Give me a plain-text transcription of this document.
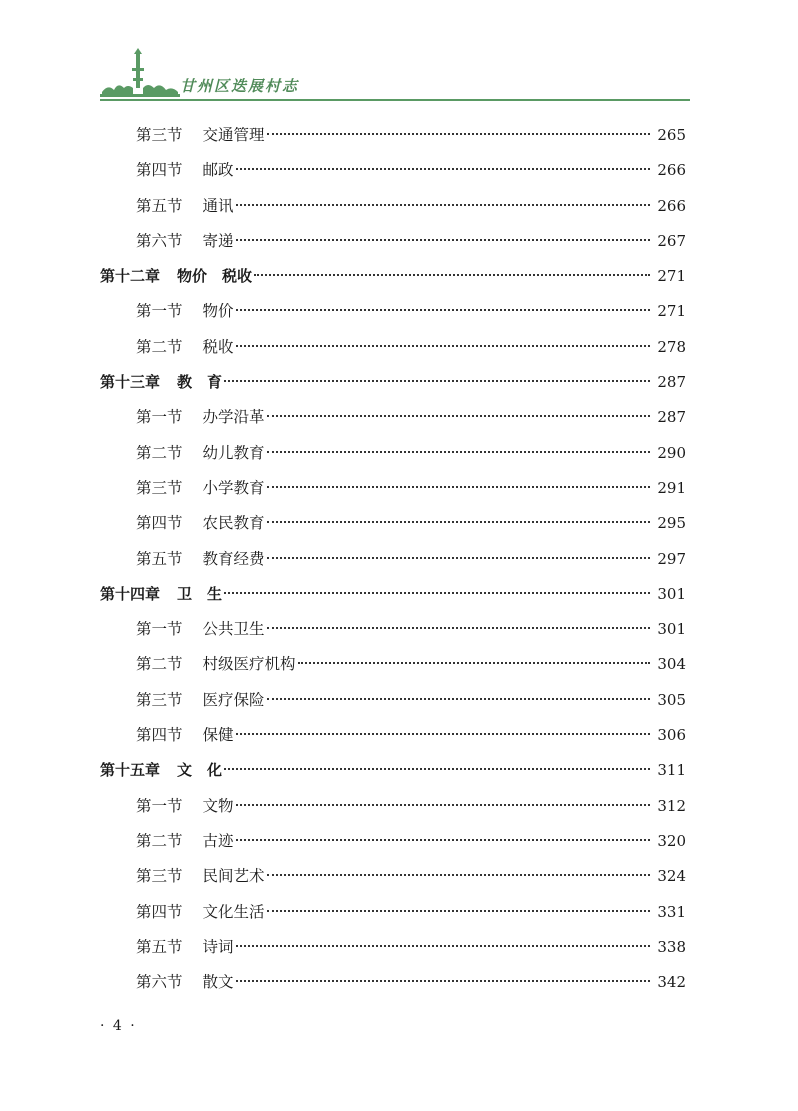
甘州区迭展村志
第三节 交通管理	265
第四节 邮政	266
第五节 通讯	266
第六节 寄递	267
第十二章 物价　税收	271
第一节 物价	271
第二节 税收	278
第十三章 教　育	287
第一节 办学沿革	287
第二节 幼儿教育	290
第三节 小学教育	291
第四节 农民教育	295
第五节 教育经费	297
第十四章 卫　生	301
第一节 公共卫生	301
第二节 村级医疗机构	304
第三节 医疗保险	305
第四节 保健	306
第十五章 文　化	311
第一节 文物	312
第二节 古迹	320
第三节 民间艺术	324
第四节 文化生活	331
第五节 诗词	338
第六节 散文	342
· 4 ·
